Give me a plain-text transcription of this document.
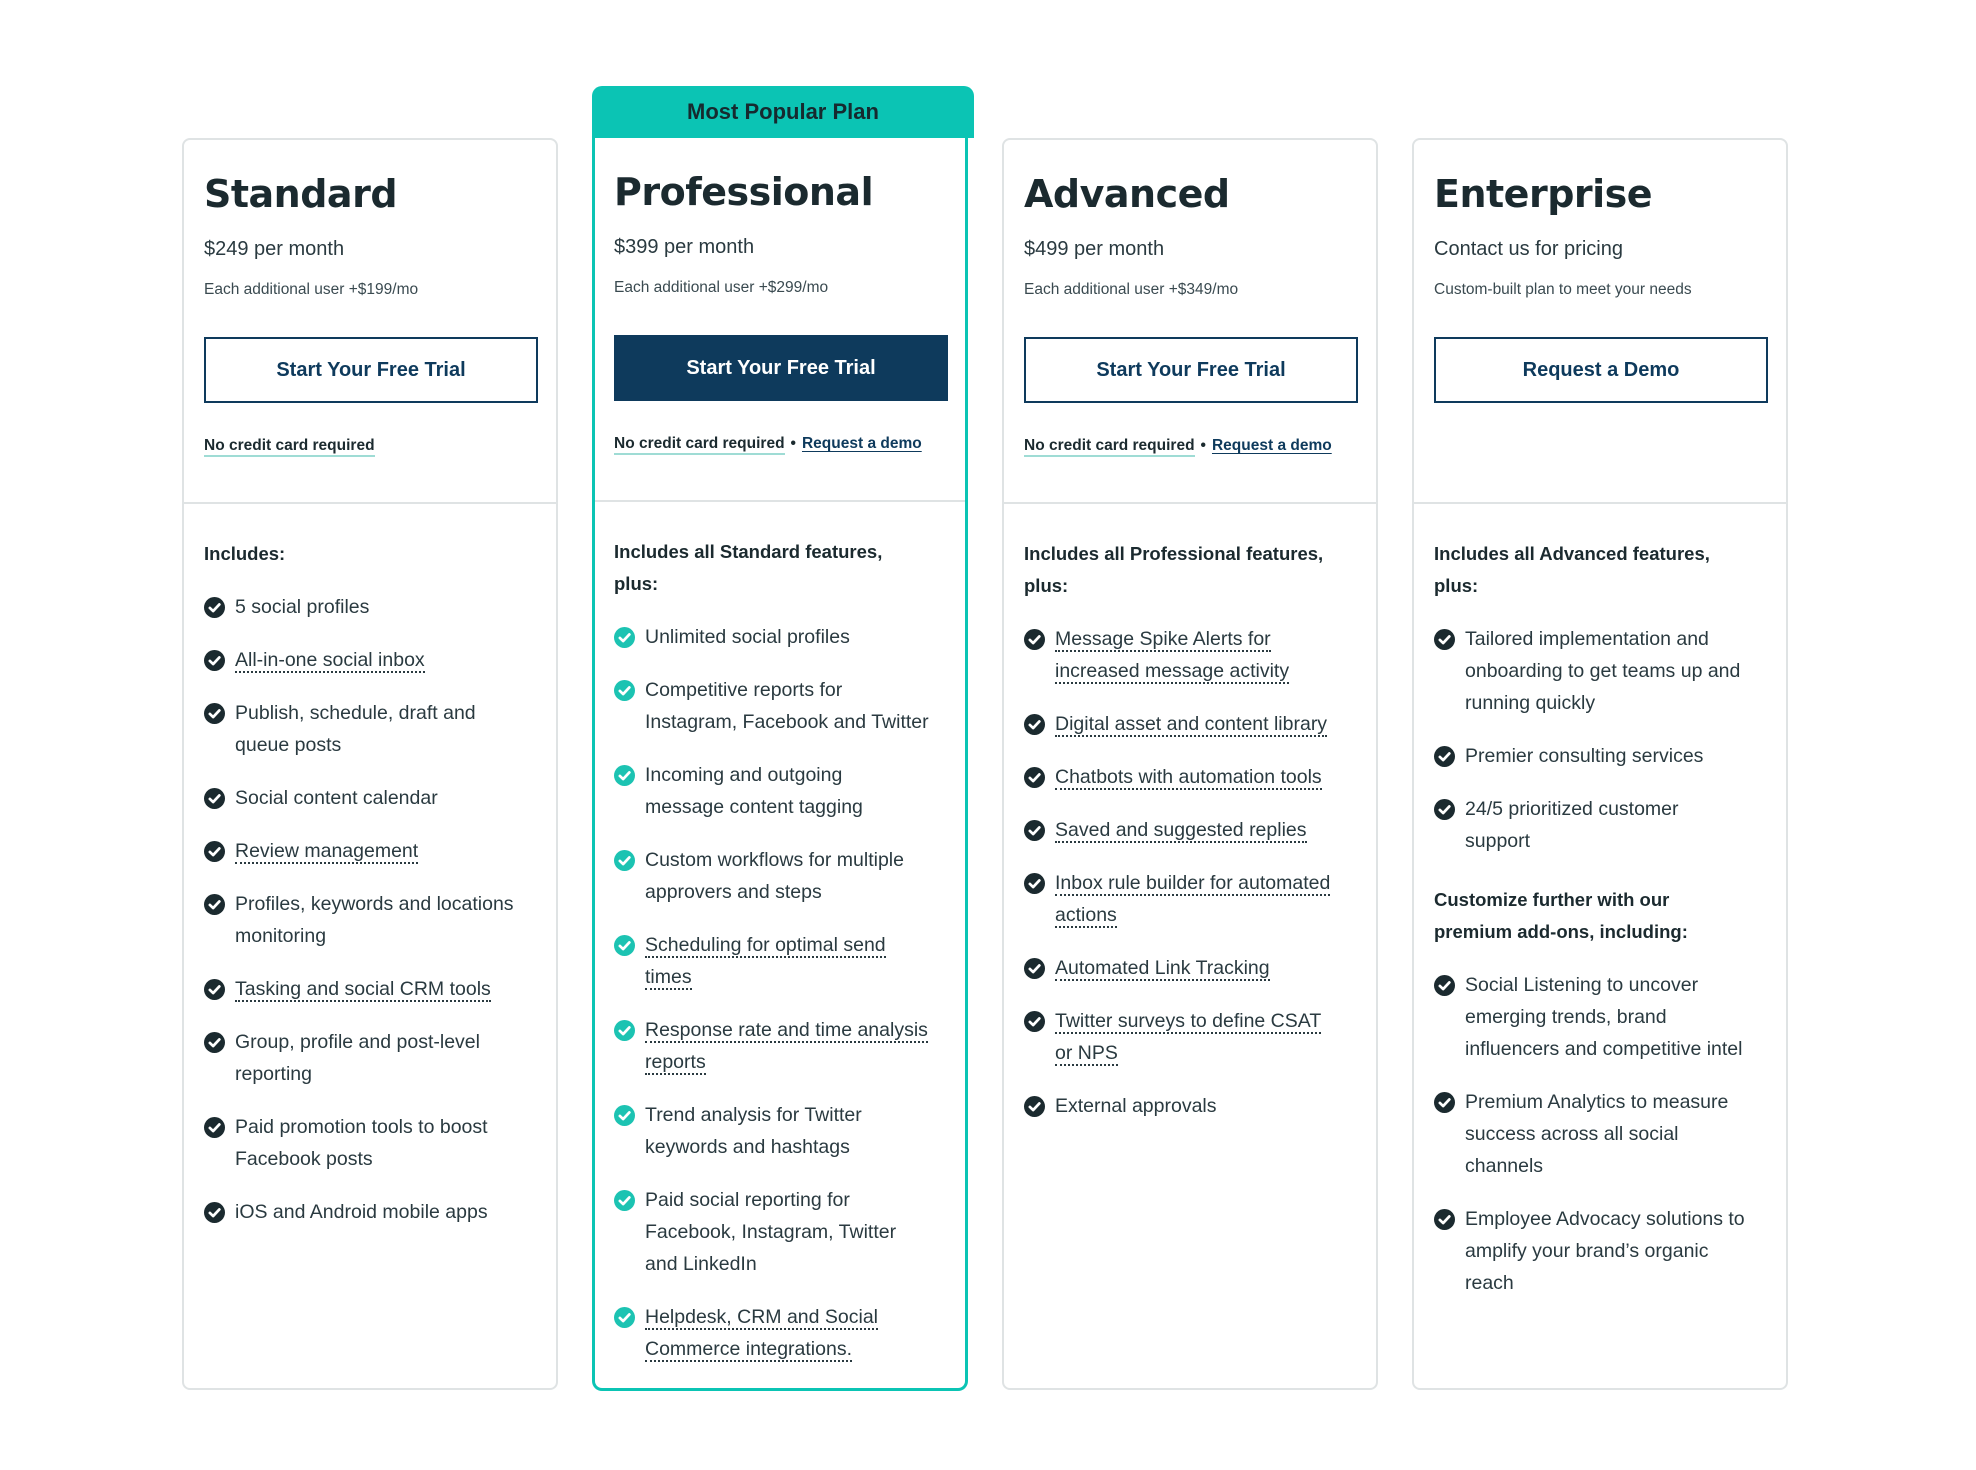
Most Popular Plan
Standard
$249 per month
Each additional user +$199/mo
Start Your Free Trial
No credit card required
Includes:
5 social profiles
All-in-one social inbox
Publish, schedule, draft and
queue posts
Social content calendar
Review management
Profiles, keywords and locations
monitoring
Tasking and social CRM tools
Group, profile and post-level
reporting
Paid promotion tools to boost
Facebook posts
iOS and Android mobile apps
Professional
$399 per month
Each additional user +$299/mo
Start Your Free Trial
No credit card required • Request a demo
Includes all Standard features,
plus:
Unlimited social profiles
Competitive reports for
Instagram, Facebook and Twitter
Incoming and outgoing
message content tagging
Custom workflows for multiple
approvers and steps
Scheduling for optimal send
times
Response rate and time analysis
reports
Trend analysis for Twitter
keywords and hashtags
Paid social reporting for
Facebook, Instagram, Twitter
and LinkedIn
Helpdesk, CRM and Social
Commerce integrations.
Advanced
$499 per month
Each additional user +$349/mo
Start Your Free Trial
No credit card required • Request a demo
Includes all Professional features,
plus:
Message Spike Alerts for
increased message activity
Digital asset and content library
Chatbots with automation tools
Saved and suggested replies
Inbox rule builder for automated
actions
Automated Link Tracking
Twitter surveys to define CSAT
or NPS
External approvals
Enterprise
Contact us for pricing
Custom-built plan to meet your needs
Request a Demo
Includes all Advanced features,
plus:
Tailored implementation and
onboarding to get teams up and
running quickly
Premier consulting services
24/5 prioritized customer
support
Customize further with our
premium add-ons, including:
Social Listening to uncover
emerging trends, brand
influencers and competitive intel
Premium Analytics to measure
success across all social
channels
Employee Advocacy solutions to
amplify your brand’s organic
reach
